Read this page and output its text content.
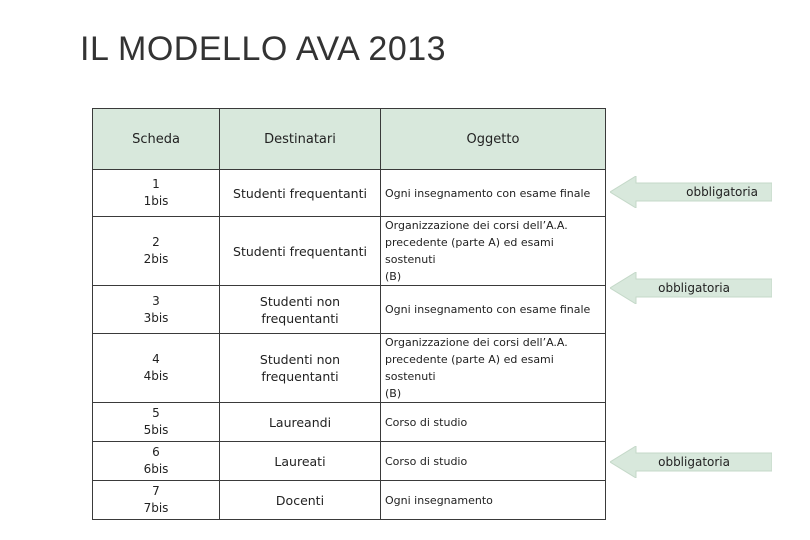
IL MODELLO AVA 2013
Scheda	Destinatari	Oggetto

1
1bis	Studenti frequentanti	Ogni insegnamento con esame finale

2
2bis	Studenti frequentanti	Organizzazione dei corsi dell’A.A.
precedente (parte A) ed esami sostenuti
(B)

3
3bis	Studenti non frequentanti	Ogni insegnamento con esame finale

4
4bis	Studenti non frequentanti	Organizzazione dei corsi dell’A.A.
precedente (parte A) ed esami sostenuti
(B)

5
5bis	Laureandi	Corso di studio

6
6bis	Laureati	Corso di studio

7
7bis	Docenti	Ogni insegnamento
obbligatoria
obbligatoria
obbligatoria
